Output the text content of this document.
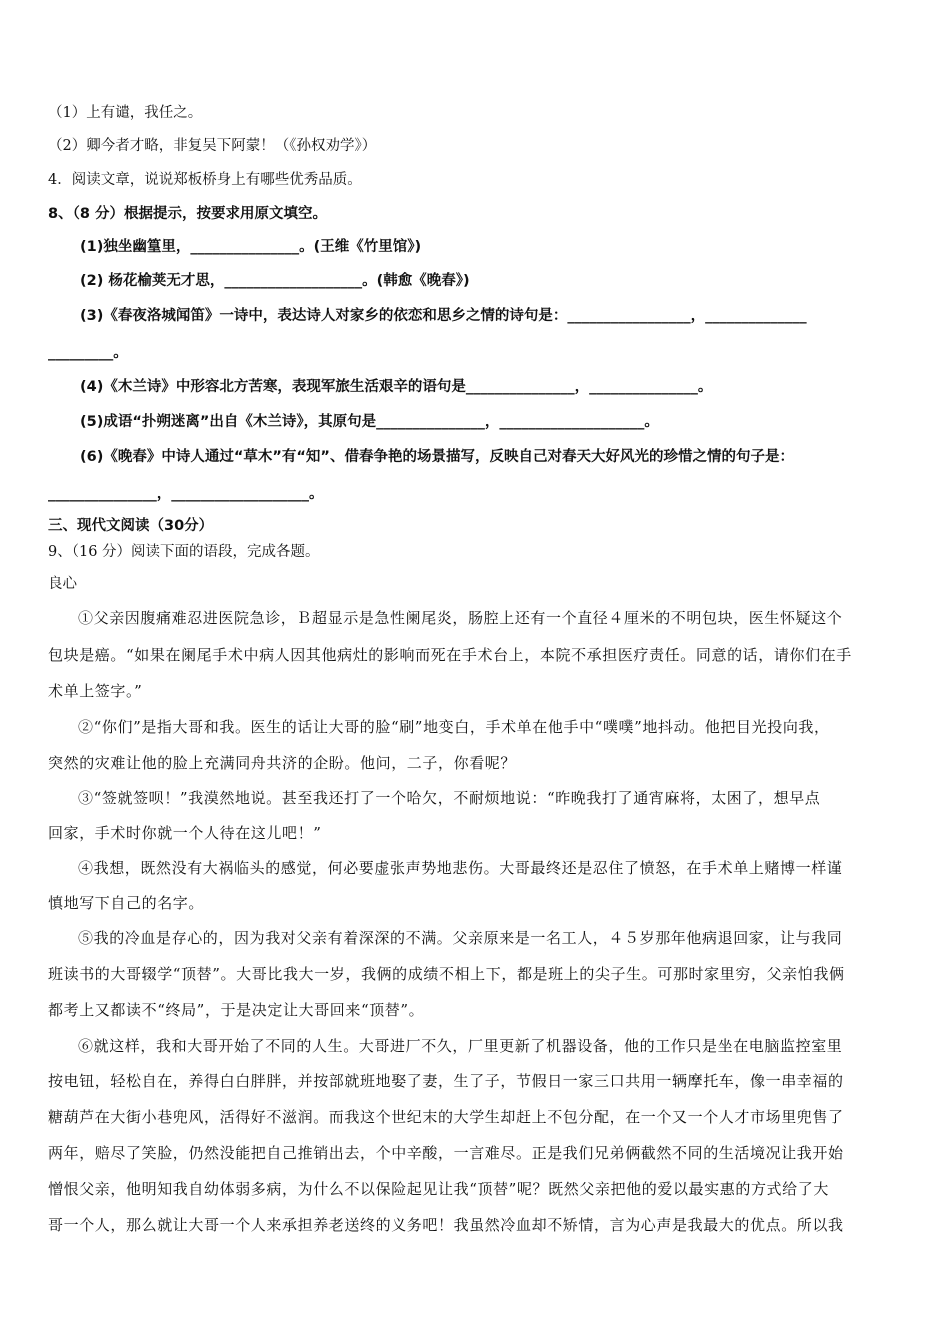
（1）上有谴，我任之。
（2）卿今者才略，非复吴下阿蒙！（《孙权劝学》）
4．阅读文章，说说郑板桥身上有哪些优秀品质。
8、（8 分）根据提示，按要求用原文填空。
(1)独坐幽篁里，_______________。(王维《竹里馆》)
(2) 杨花榆荚无才思，___________________。(韩愈《晚春》)
(3)《春夜洛城闻笛》一诗中，表达诗人对家乡的依恋和思乡之情的诗句是：_________________，______________
_________。
(4)《木兰诗》中形容北方苦寒，表现军旅生活艰辛的语句是_______________，_______________。
(5)成语“扑朔迷离”出自《木兰诗》，其原句是_______________，____________________。
(6)《晚春》中诗人通过“草木”有“知”、借春争艳的场景描写，反映自己对春天大好风光的珍惜之情的句子是：
_______________，___________________。
三、现代文阅读（30分）
9、（16 分）阅读下面的语段，完成各题。
良心
①父亲因腹痛难忍进医院急诊，Ｂ超显示是急性阑尾炎，肠腔上还有一个直径４厘米的不明包块，医生怀疑这个
包块是癌。“如果在阑尾手术中病人因其他病灶的影响而死在手术台上，本院不承担医疗责任。同意的话，请你们在手
术单上签字。”
②“你们”是指大哥和我。医生的话让大哥的脸“刷”地变白，手术单在他手中“噗噗”地抖动。他把目光投向我，
突然的灾难让他的脸上充满同舟共济的企盼。他问，二子，你看呢？
③“签就签呗！”我漠然地说。甚至我还打了一个哈欠，不耐烦地说：“昨晚我打了通宵麻将，太困了，想早点
回家，手术时你就一个人待在这儿吧！”
④我想，既然没有大祸临头的感觉，何必要虚张声势地悲伤。大哥最终还是忍住了愤怒，在手术单上赌博一样谨
慎地写下自己的名字。
⑤我的冷血是存心的，因为我对父亲有着深深的不满。父亲原来是一名工人，４５岁那年他病退回家，让与我同
班读书的大哥辍学“顶替”。大哥比我大一岁，我俩的成绩不相上下，都是班上的尖子生。可那时家里穷，父亲怕我俩
都考上又都读不“终局”，于是决定让大哥回来“顶替”。
⑥就这样，我和大哥开始了不同的人生。大哥进厂不久，厂里更新了机器设备，他的工作只是坐在电脑监控室里
按电钮，轻松自在，养得白白胖胖，并按部就班地娶了妻，生了子，节假日一家三口共用一辆摩托车，像一串幸福的
糖葫芦在大街小巷兜风，活得好不滋润。而我这个世纪末的大学生却赶上不包分配，在一个又一个人才市场里兜售了
两年，赔尽了笑脸，仍然没能把自己推销出去，个中辛酸，一言难尽。正是我们兄弟俩截然不同的生活境况让我开始
憎恨父亲，他明知我自幼体弱多病，为什么不以保险起见让我“顶替”呢？既然父亲把他的爱以最实惠的方式给了大
哥一个人，那么就让大哥一个人来承担养老送终的义务吧！我虽然冷血却不矫情，言为心声是我最大的优点。所以我
